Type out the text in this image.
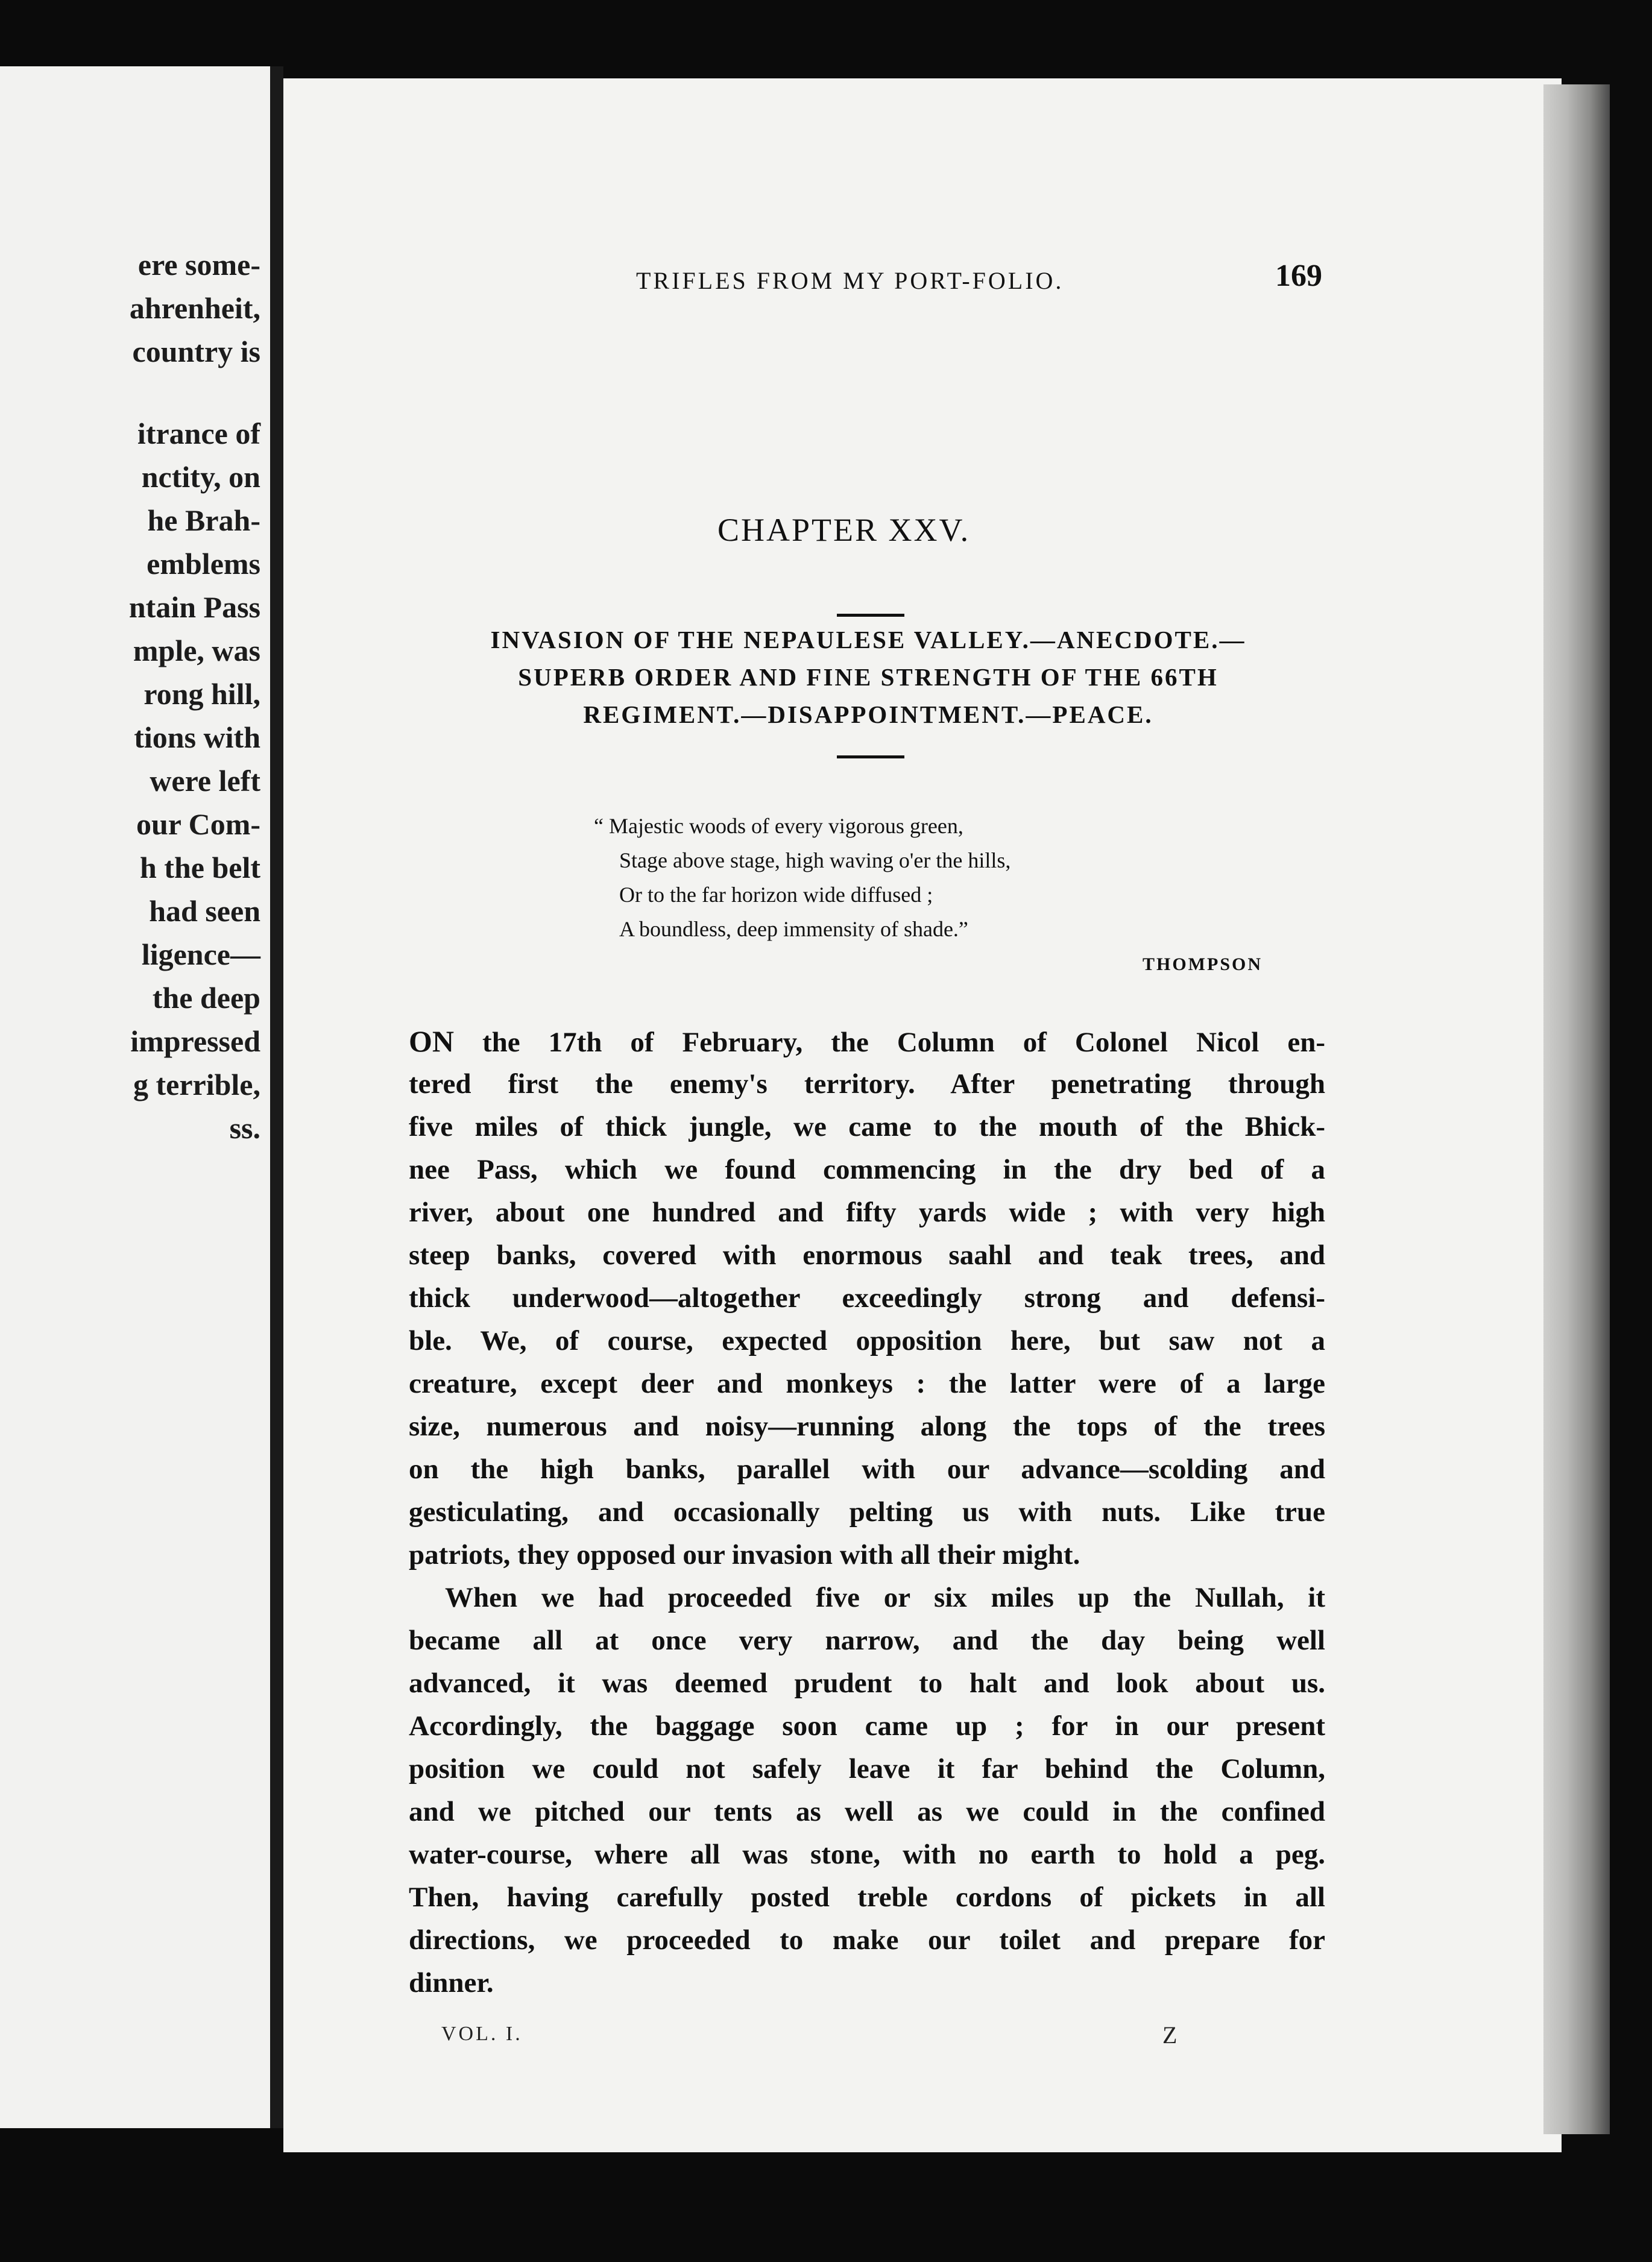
ere some-

ahrenheit,

country is

itrance of

nctity, on

he Brah-

emblems

ntain Pass

mple, was

rong hill,

tions with

were left

our Com-

h the belt

had seen

ligence—

the deep

impressed

g terrible,

ss.

TRIFLES FROM MY PORT-FOLIO.	169

CHAPTER XXV.

INVASION OF THE NEPAULESE VALLEY.—ANECDOTE.—
SUPERB ORDER AND FINE STRENGTH OF THE 66TH
REGIMENT.—DISAPPOINTMENT.—PEACE.

“ Majestic woods of every vigorous green,
Stage above stage, high waving o'er the hills,
Or to the far horizon wide diffused ;
A boundless, deep immensity of shade.”

THOMPSON

ON the 17th of February, the Column of Colonel Nicol en-
tered first the enemy's territory. After penetrating through
five miles of thick jungle, we came to the mouth of the Bhick-
nee Pass, which we found commencing in the dry bed of a
river, about one hundred and fifty yards wide ; with very high
steep banks, covered with enormous saahl and teak trees, and
thick underwood—altogether exceedingly strong and defensi-
ble. We, of course, expected opposition here, but saw not a
creature, except deer and monkeys : the latter were of a large
size, numerous and noisy—running along the tops of the trees
on the high banks, parallel with our advance—scolding and
gesticulating, and occasionally pelting us with nuts. Like true
patriots, they opposed our invasion with all their might.
When we had proceeded five or six miles up the Nullah, it
became all at once very narrow, and the day being well
advanced, it was deemed prudent to halt and look about us.
Accordingly, the baggage soon came up ; for in our present
position we could not safely leave it far behind the Column,
and we pitched our tents as well as we could in the confined
water-course, where all was stone, with no earth to hold a peg.
Then, having carefully posted treble cordons of pickets in all
directions, we proceeded to make our toilet and prepare for
dinner.

VOL. I.	Z
